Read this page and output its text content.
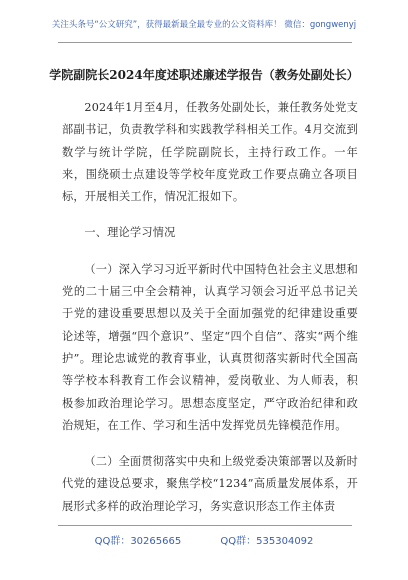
关注头条号“公文研究”，获得最新最全最专业的公文资料库！ 微信：gongwenyj
学院副院长2024年度述职述廉述学报告（教务处副处长）

2024年1月至4月，任教务处副处长，兼任教务处党支部副书记，负责教学科和实践教学科相关工作。4月交流到数学与统计学院，任学院副院长，主持行政工作。一年来，围绕硕士点建设等学校年度党政工作要点确立各项目标，开展相关工作，情况汇报如下。

一、理论学习情况

（一）深入学习习近平新时代中国特色社会主义思想和党的二十届三中全会精神，认真学习领会习近平总书记关于党的建设重要思想以及关于全面加强党的纪律建设重要论述等，增强“四个意识”、坚定“四个自信”、落实“两个维护”。理论忠诚党的教育事业，认真贯彻落实新时代全国高等学校本科教育工作会议精神，爱岗敬业、为人师表，积极参加政治理论学习。思想态度坚定，严守政治纪律和政治规矩，在工作、学习和生活中发挥党员先锋模范作用。

（二）全面贯彻落实中央和上级党委决策部署以及新时代党的建设总要求，聚焦学校“1234”高质量发展体系，开展形式多样的政治理论学习，务实意识形态工作主体责

QQ群：30265665	QQ群：535304092
